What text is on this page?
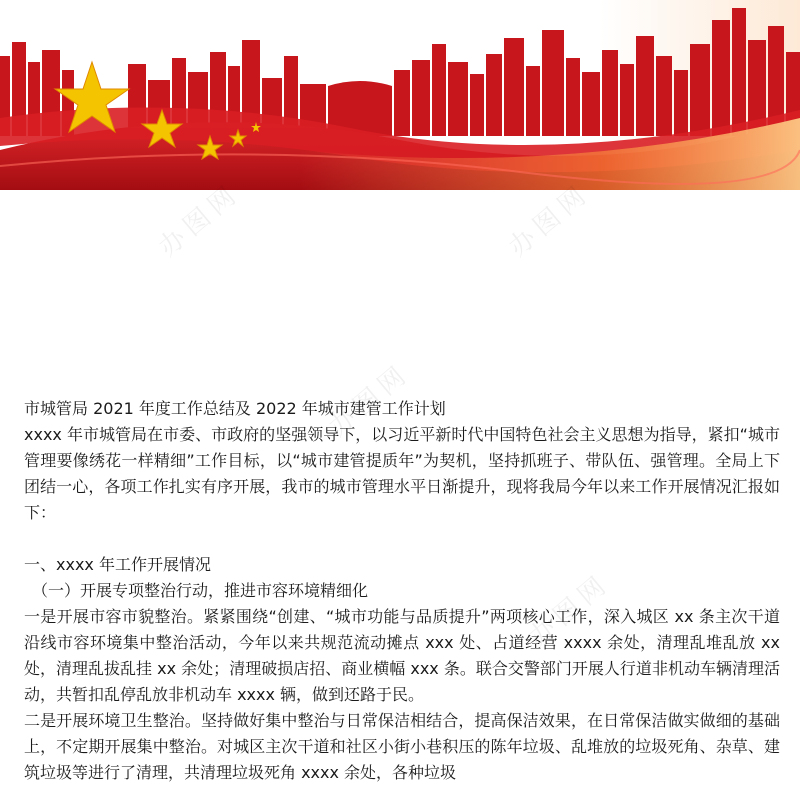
办图网	办图网
办图网
办图网

市城管局 2021 年度工作总结及 2022 年城市建管工作计划

xxxx 年市城管局在市委、市政府的坚强领导下，以习近平新时代中国特色社会主义思想为指导，紧扣“城市管理要像绣花一样精细”工作目标，以“城市建管提质年”为契机，坚持抓班子、带队伍、强管理。全局上下团结一心，各项工作扎实有序开展，我市的城市管理水平日渐提升，现将我局今年以来工作开展情况汇报如下：

一、xxxx 年工作开展情况

（一）开展专项整治行动，推进市容环境精细化

一是开展市容市貌整治。紧紧围绕“创建、“城市功能与品质提升”两项核心工作，深入城区 xx 条主次干道沿线市容环境集中整治活动，今年以来共规范流动摊点 xxx 处、占道经营 xxxx 余处，清理乱堆乱放 xx 处，清理乱拔乱挂 xx 余处；清理破损店招、商业横幅 xxx 条。联合交警部门开展人行道非机动车辆清理活动，共暂扣乱停乱放非机动车 xxxx 辆，做到还路于民。

二是开展环境卫生整治。坚持做好集中整治与日常保洁相结合，提高保洁效果，在日常保洁做实做细的基础上，不定期开展集中整治。对城区主次干道和社区小街小巷积压的陈年垃圾、乱堆放的垃圾死角、杂草、建筑垃圾等进行了清理，共清理垃圾死角 xxxx 余处，各种垃圾
